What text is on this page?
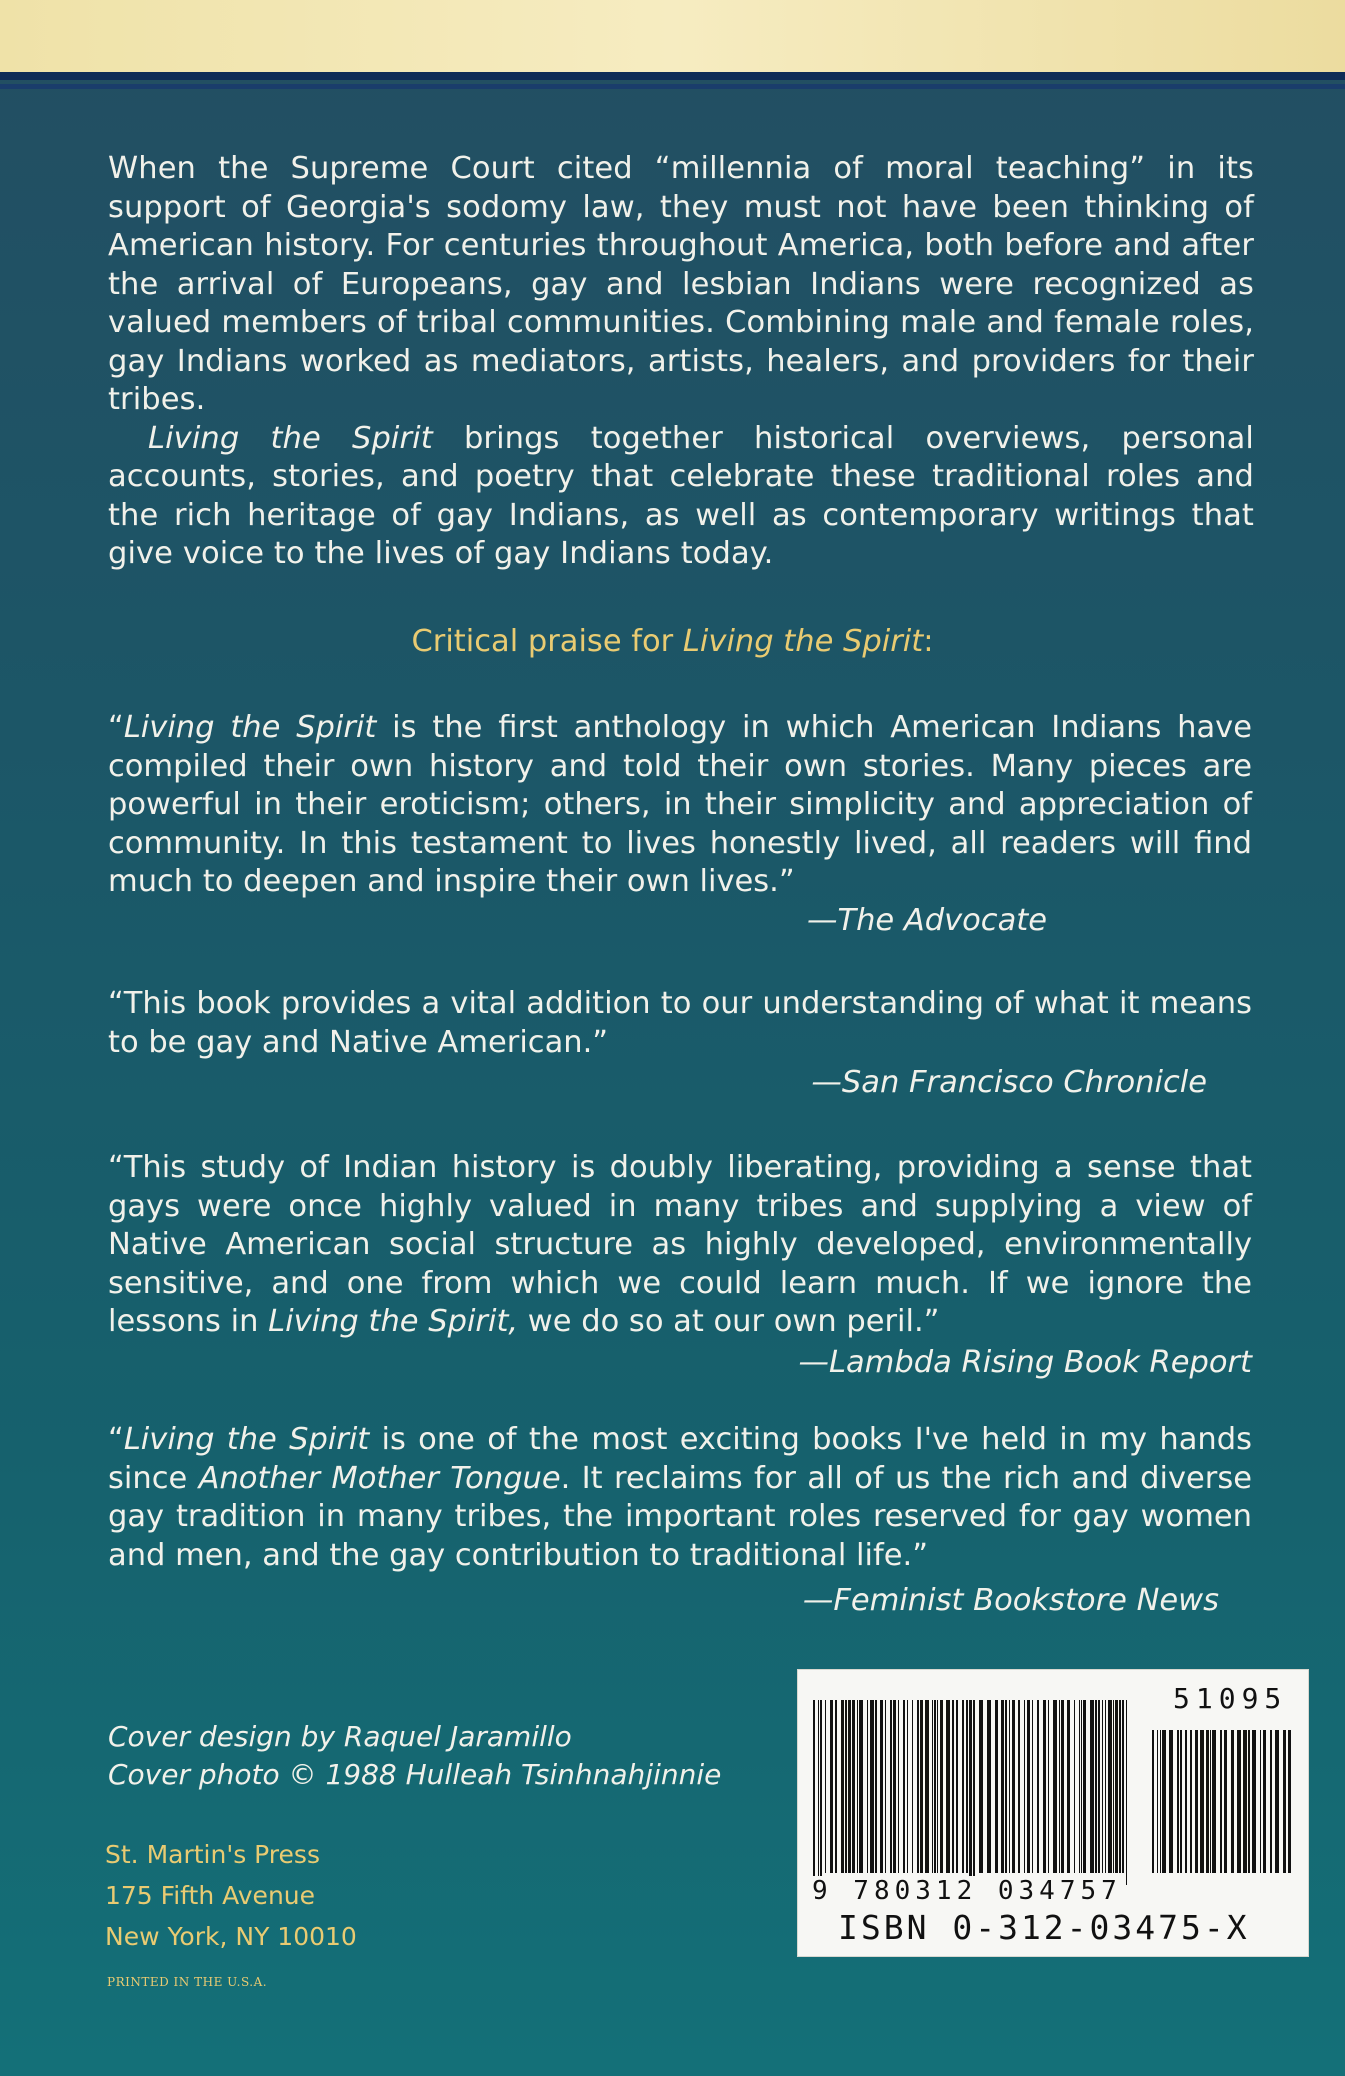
When the Supreme Court cited “millennia of moral teaching” in its support of Georgia's sodomy law, they must not have been thinking of American history. For centuries throughout America, both before and after the arrival of Europeans, gay and lesbian Indians were recognized as valued members of tribal communities. Combining male and female roles, gay Indians worked as mediators, artists, healers, and providers for their tribes.

Living the Spirit brings together historical overviews, personal accounts, stories, and poetry that celebrate these traditional roles and the rich heritage of gay Indians, as well as contemporary writings that give voice to the lives of gay Indians today.

Critical praise for Living the Spirit:
“Living the Spirit is the first anthology in which American Indians have compiled their own history and told their own stories. Many pieces are powerful in their eroticism; others, in their simplicity and appreciation of community. In this testament to lives honestly lived, all readers will find much to deepen and inspire their own lives.”
—The Advocate
“This book provides a vital addition to our understanding of what it means to be gay and Native American.”
—San Francisco Chronicle
“This study of Indian history is doubly liberating, providing a sense that gays were once highly valued in many tribes and supplying a view of Native American social structure as highly developed, environmentally sensitive, and one from which we could learn much. If we ignore the lessons in Living the Spirit, we do so at our own peril.”
—Lambda Rising Book Report
“Living the Spirit is one of the most exciting books I've held in my hands since Another Mother Tongue. It reclaims for all of us the rich and diverse gay tradition in many tribes, the important roles reserved for gay women and men, and the gay contribution to traditional life.”
—Feminist Bookstore News
Cover design by Raquel Jaramillo
Cover photo © 1988 Hulleah Tsinhnahjinnie
St. Martin's Press
175 Fifth Avenue
New York, NY 10010
PRINTED IN THE U.S.A.
51095
9 780312 034757
ISBN 0-312-03475-X
